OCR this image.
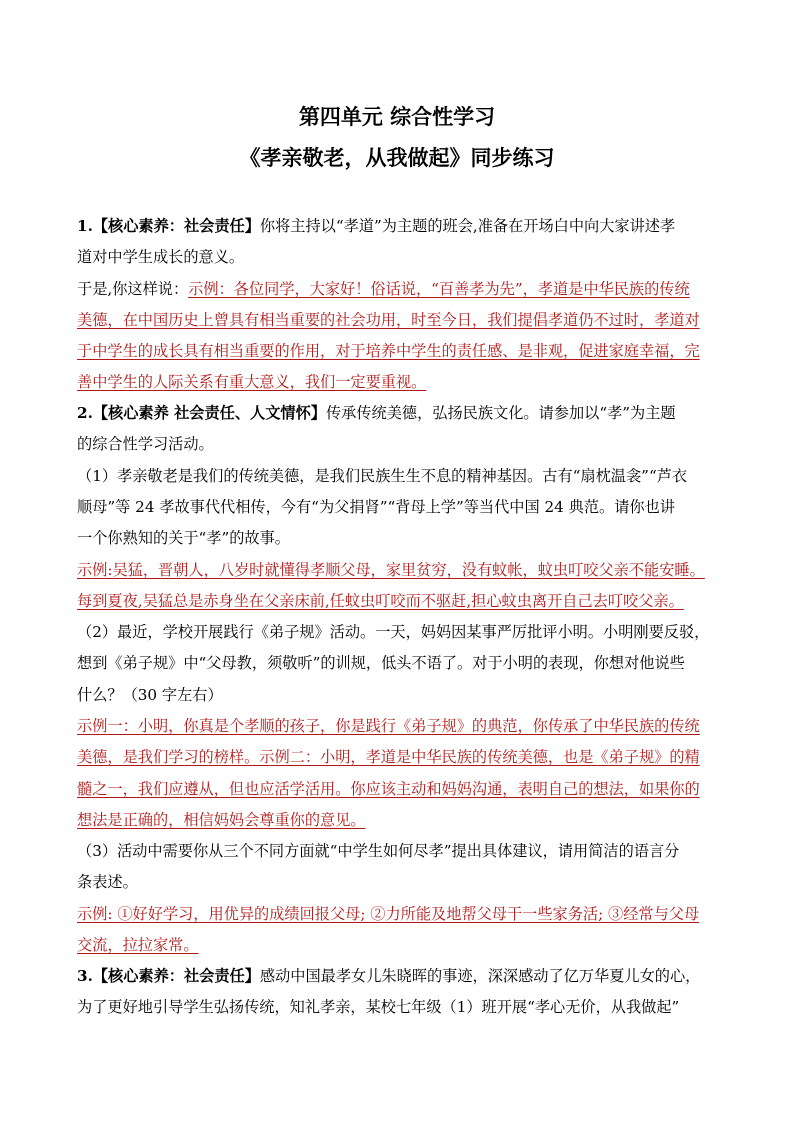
第四单元 综合性学习
《孝亲敬老，从我做起》同步练习
1.【核心素养：社会责任】你将主持以“孝道”为主题的班会,准备在开场白中向大家讲述孝
道对中学生成长的意义。
于是,你这样说：示例：各位同学，大家好！俗话说，“百善孝为先”，孝道是中华民族的传统
美德，在中国历史上曾具有相当重要的社会功用，时至今日，我们提倡孝道仍不过时，孝道对
于中学生的成长具有相当重要的作用，对于培养中学生的责任感、是非观，促进家庭幸福，完
善中学生的人际关系有重大意义，我们一定要重视。
2.【核心素养 社会责任、人文情怀】传承传统美德，弘扬民族文化。请参加以“孝”为主题
的综合性学习活动。
（1）孝亲敬老是我们的传统美德，是我们民族生生不息的精神基因。古有“扇枕温衾”“芦衣
顺母”等 24 孝故事代代相传，今有“为父捐肾”“背母上学”等当代中国 24 典范。请你也讲
一个你熟知的关于“孝”的故事。
示例:吴猛，晋朝人，八岁时就懂得孝顺父母，家里贫穷，没有蚊帐，蚊虫叮咬父亲不能安睡。
每到夏夜,吴猛总是赤身坐在父亲床前,任蚊虫叮咬而不驱赶,担心蚊虫离开自己去叮咬父亲。
（2）最近，学校开展践行《弟子规》活动。一天，妈妈因某事严厉批评小明。小明刚要反驳，
想到《弟子规》中“父母教，须敬听”的训规，低头不语了。对于小明的表现，你想对他说些
什么？（30 字左右）
示例一：小明，你真是个孝顺的孩子，你是践行《弟子规》的典范，你传承了中华民族的传统
美德，是我们学习的榜样。示例二：小明，孝道是中华民族的传统美德，也是《弟子规》的精
髓之一，我们应遵从，但也应活学活用。你应该主动和妈妈沟通，表明自己的想法，如果你的
想法是正确的，相信妈妈会尊重你的意见。
（3）活动中需要你从三个不同方面就“中学生如何尽孝”提出具体建议，请用简洁的语言分
条表述。
示例: ①好好学习，用优异的成绩回报父母; ②力所能及地帮父母干一些家务活; ③经常与父母
交流，拉拉家常。
3.【核心素养：社会责任】感动中国最孝女儿朱晓晖的事迹，深深感动了亿万华夏儿女的心，
为了更好地引导学生弘扬传统，知礼孝亲，某校七年级（1）班开展“孝心无价，从我做起”
